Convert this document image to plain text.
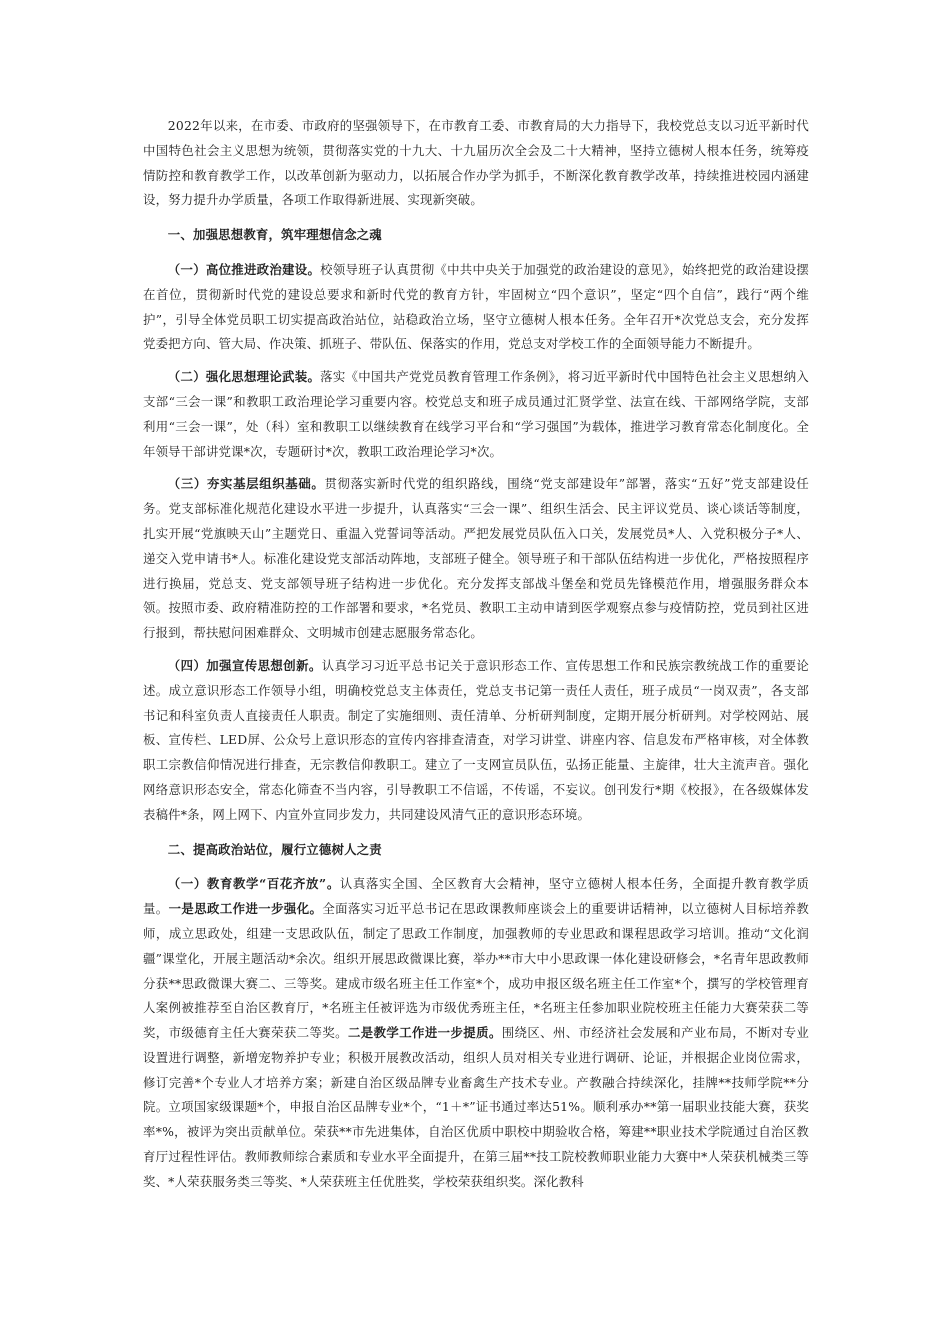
2022年以来，在市委、市政府的坚强领导下，在市教育工委、市教育局的大力指导下，我校党总支以习近平新时代中国特色社会主义思想为统领，贯彻落实党的十九大、十九届历次全会及二十大精神，坚持立德树人根本任务，统筹疫情防控和教育教学工作，以改革创新为驱动力，以拓展合作办学为抓手，不断深化教育教学改革，持续推进校园内涵建设，努力提升办学质量，各项工作取得新进展、实现新突破。

一、加强思想教育，筑牢理想信念之魂

（一）高位推进政治建设。校领导班子认真贯彻《中共中央关于加强党的政治建设的意见》，始终把党的政治建设摆在首位，贯彻新时代党的建设总要求和新时代党的教育方针，牢固树立“四个意识”，坚定“四个自信”，践行“两个维护”，引导全体党员职工切实提高政治站位，站稳政治立场，坚守立德树人根本任务。全年召开*次党总支会，充分发挥党委把方向、管大局、作决策、抓班子、带队伍、保落实的作用，党总支对学校工作的全面领导能力不断提升。

（二）强化思想理论武装。落实《中国共产党党员教育管理工作条例》，将习近平新时代中国特色社会主义思想纳入支部“三会一课”和教职工政治理论学习重要内容。校党总支和班子成员通过汇贤学堂、法宣在线、干部网络学院，支部利用“三会一课”，处（科）室和教职工以继续教育在线学习平台和“学习强国”为载体，推进学习教育常态化制度化。全年领导干部讲党课*次，专题研讨*次，教职工政治理论学习*次。

（三）夯实基层组织基础。贯彻落实新时代党的组织路线，围绕“党支部建设年”部署，落实“五好”党支部建设任务。党支部标准化规范化建设水平进一步提升，认真落实“三会一课”、组织生活会、民主评议党员、谈心谈话等制度，扎实开展“党旗映天山”主题党日、重温入党誓词等活动。严把发展党员队伍入口关，发展党员*人、入党积极分子*人、递交入党申请书*人。标准化建设党支部活动阵地，支部班子健全。领导班子和干部队伍结构进一步优化，严格按照程序进行换届，党总支、党支部领导班子结构进一步优化。充分发挥支部战斗堡垒和党员先锋模范作用，增强服务群众本领。按照市委、政府精准防控的工作部署和要求，*名党员、教职工主动申请到医学观察点参与疫情防控，党员到社区进行报到，帮扶慰问困难群众、文明城市创建志愿服务常态化。

（四）加强宣传思想创新。认真学习习近平总书记关于意识形态工作、宣传思想工作和民族宗教统战工作的重要论述。成立意识形态工作领导小组，明确校党总支主体责任，党总支书记第一责任人责任，班子成员“一岗双责”，各支部书记和科室负责人直接责任人职责。制定了实施细则、责任清单、分析研判制度，定期开展分析研判。对学校网站、展板、宣传栏、LED屏、公众号上意识形态的宣传内容排查清查，对学习讲堂、讲座内容、信息发布严格审核，对全体教职工宗教信仰情况进行排查，无宗教信仰教职工。建立了一支网宣员队伍，弘扬正能量、主旋律，壮大主流声音。强化网络意识形态安全，常态化筛查不当内容，引导教职工不信谣，不传谣，不妄议。创刊发行*期《校报》，在各级媒体发表稿件*条，网上网下、内宣外宣同步发力，共同建设风清气正的意识形态环境。

二、提高政治站位，履行立德树人之责

（一）教育教学“百花齐放”。认真落实全国、全区教育大会精神，坚守立德树人根本任务，全面提升教育教学质量。一是思政工作进一步强化。全面落实习近平总书记在思政课教师座谈会上的重要讲话精神，以立德树人目标培养教师，成立思政处，组建一支思政队伍，制定了思政工作制度，加强教师的专业思政和课程思政学习培训。推动“文化润疆”课堂化，开展主题活动*余次。组织开展思政微课比赛，举办**市大中小思政课一体化建设研修会，*名青年思政教师分获**思政微课大赛二、三等奖。建成市级名班主任工作室*个，成功申报区级名班主任工作室*个，撰写的学校管理育人案例被推荐至自治区教育厅，*名班主任被评选为市级优秀班主任，*名班主任参加职业院校班主任能力大赛荣获二等奖，市级德育主任大赛荣获二等奖。二是教学工作进一步提质。围绕区、州、市经济社会发展和产业布局，不断对专业设置进行调整，新增宠物养护专业；积极开展教改活动，组织人员对相关专业进行调研、论证，并根据企业岗位需求，修订完善*个专业人才培养方案；新建自治区级品牌专业畜禽生产技术专业。产教融合持续深化，挂牌**技师学院**分院。立项国家级课题*个，申报自治区品牌专业*个，“1＋*”证书通过率达51%。顺利承办**第一届职业技能大赛，获奖率*%，被评为突出贡献单位。荣获**市先进集体，自治区优质中职校中期验收合格，筹建**职业技术学院通过自治区教育厅过程性评估。教师教师综合素质和专业水平全面提升，在第三届**技工院校教师职业能力大赛中*人荣获机械类三等奖、*人荣获服务类三等奖、*人荣获班主任优胜奖，学校荣获组织奖。深化教科
